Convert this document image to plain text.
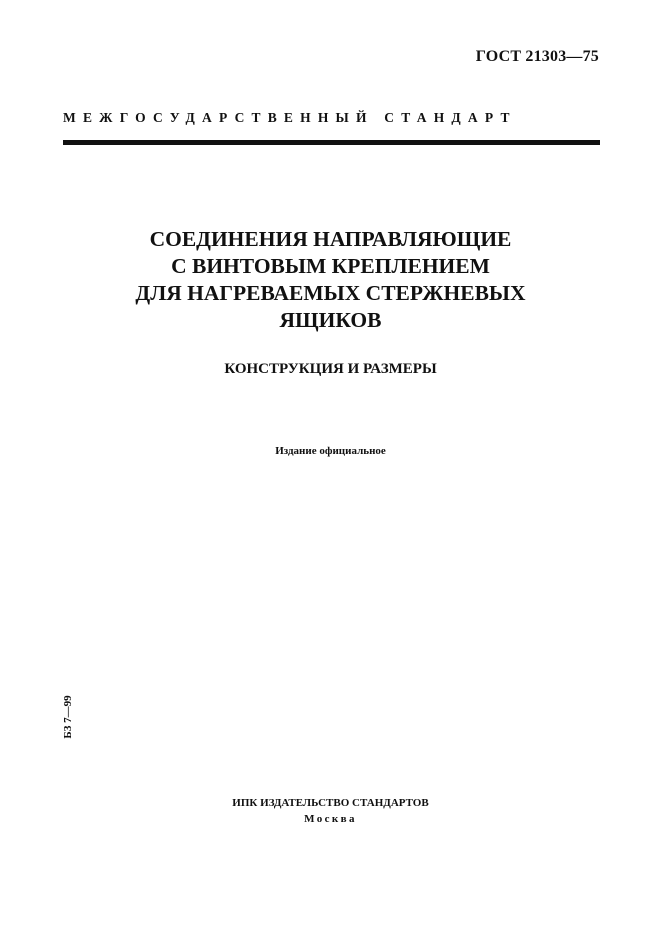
ГОСТ 21303—75
МЕЖГОСУДАРСТВЕННЫЙ СТАНДАРТ
СОЕДИНЕНИЯ НАПРАВЛЯЮЩИЕ
С ВИНТОВЫМ КРЕПЛЕНИЕМ
ДЛЯ НАГРЕВАЕМЫХ СТЕРЖНЕВЫХ
ЯЩИКОВ
КОНСТРУКЦИЯ И РАЗМЕРЫ
Издание официальное
БЗ 7—99
ИПК ИЗДАТЕЛЬСТВО СТАНДАРТОВ
Москва
